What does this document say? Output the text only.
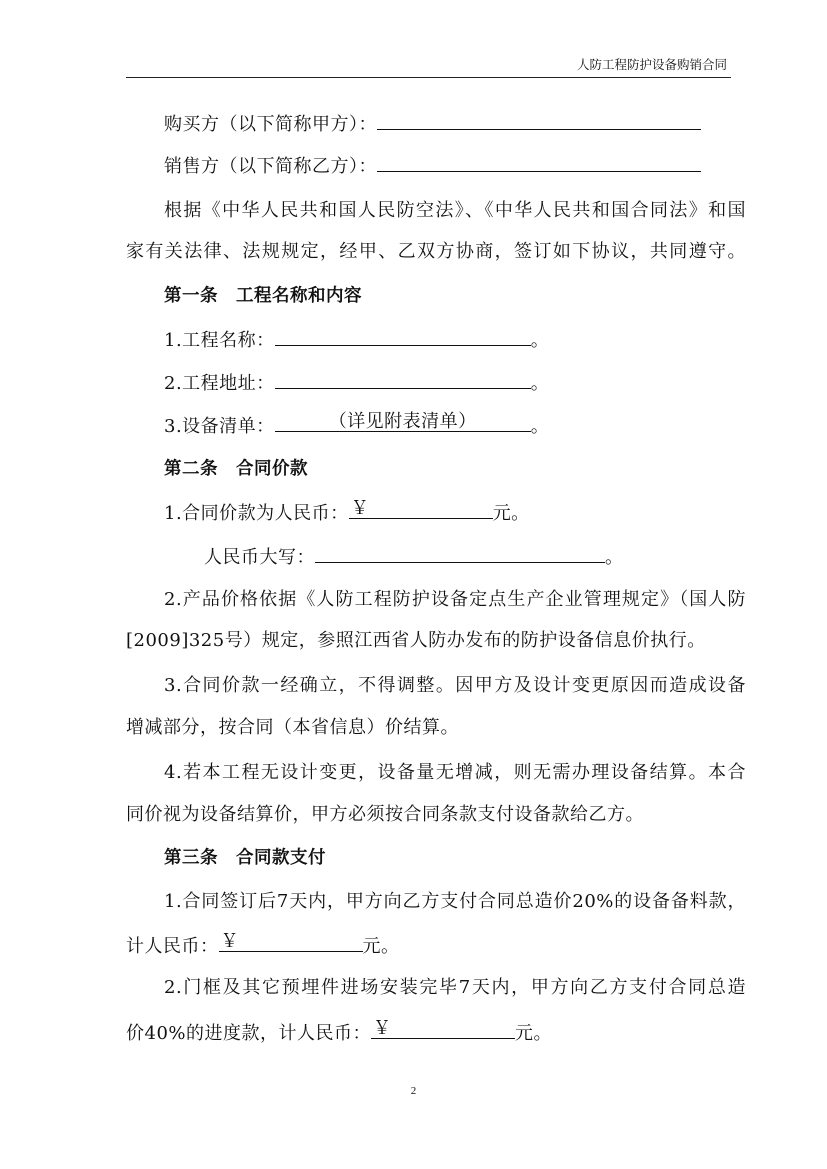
人防工程防护设备购销合同
购买方（以下简称甲方）：
销售方（以下简称乙方）：
根据《中华人民共和国人民防空法》、《中华人民共和国合同法》和国
家有关法律、法规规定，经甲、乙双方协商，签订如下协议，共同遵守。
第一条　工程名称和内容
1.工程名称：	。
2.工程地址：	。
3.设备清单：	（详见附表清单）	。
第二条　合同价款
1.合同价款为人民币： ￥	元。
人民币大写：	。
2.产品价格依据《人防工程防护设备定点生产企业管理规定》（国人防
[2009]325号）规定，参照江西省人防办发布的防护设备信息价执行。
3.合同价款一经确立，不得调整。因甲方及设计变更原因而造成设备
增减部分，按合同（本省信息）价结算。
4.若本工程无设计变更，设备量无增减，则无需办理设备结算。本合
同价视为设备结算价，甲方必须按合同条款支付设备款给乙方。
第三条　合同款支付
1.合同签订后7天内，甲方向乙方支付合同总造价20%的设备备料款，
计人民币： ￥	元。
2.门框及其它预埋件进场安装完毕7天内，甲方向乙方支付合同总造
价40%的进度款，计人民币： ￥	元。
2
